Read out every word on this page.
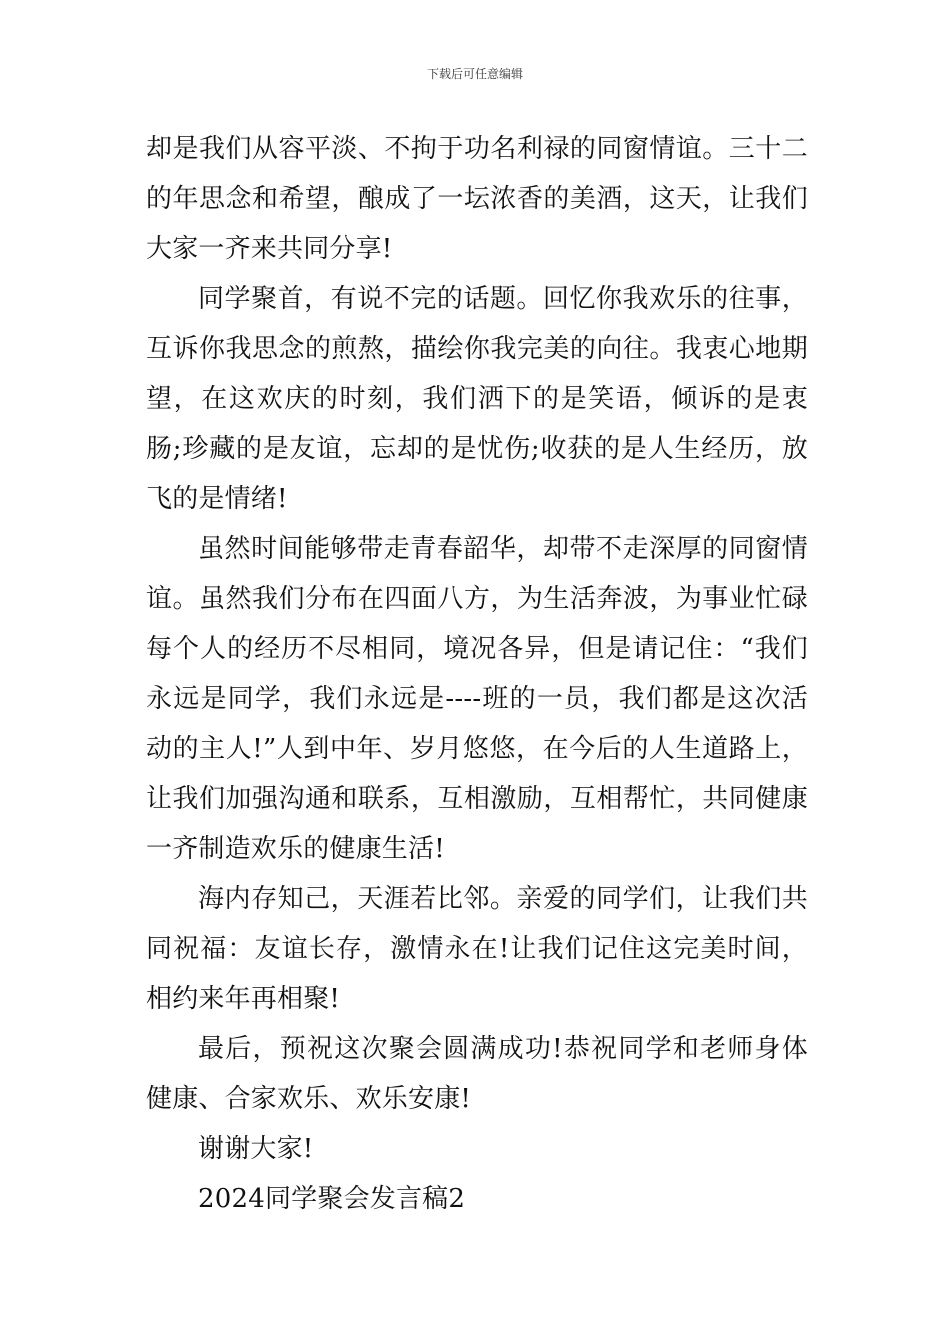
下载后可任意编辑

却是我们从容平淡、不拘于功名利禄的同窗情谊。三十二的年思念和希望，酿成了一坛浓香的美酒，这天，让我们大家一齐来共同分享!

同学聚首，有说不完的话题。回忆你我欢乐的往事，互诉你我思念的煎熬，描绘你我完美的向往。我衷心地期望，在这欢庆的时刻，我们洒下的是笑语，倾诉的是衷肠;珍藏的是友谊，忘却的是忧伤;收获的是人生经历，放飞的是情绪!

虽然时间能够带走青春韶华，却带不走深厚的同窗情谊。虽然我们分布在四面八方，为生活奔波，为事业忙碌每个人的经历不尽相同，境况各异，但是请记住：“我们永远是同学，我们永远是----班的一员，我们都是这次活动的主人!”人到中年、岁月悠悠，在今后的人生道路上，让我们加强沟通和联系，互相激励，互相帮忙，共同健康一齐制造欢乐的健康生活!

海内存知己，天涯若比邻。亲爱的同学们，让我们共同祝福：友谊长存，激情永在!让我们记住这完美时间，相约来年再相聚!

最后，预祝这次聚会圆满成功!恭祝同学和老师身体健康、合家欢乐、欢乐安康!

谢谢大家!

2024同学聚会发言稿2
